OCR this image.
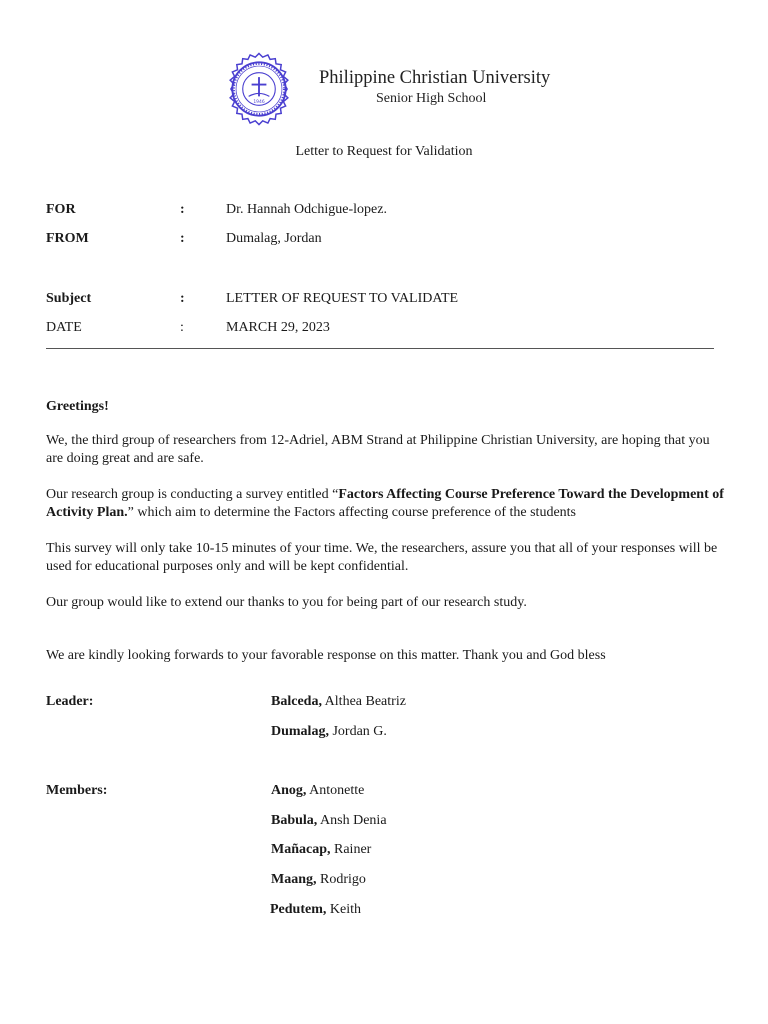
1946
Philippine Christian University
Senior High School
Letter to Request for Validation
FOR	:	Dr. Hannah Odchigue-lopez.
FROM	:	Dumalag, Jordan
Subject	:	LETTER OF REQUEST TO VALIDATE
DATE	:	MARCH 29, 2023
Greetings!
We, the third group of researchers from 12-Adriel, ABM Strand at Philippine Christian University, are hoping that you are doing great and are safe.
Our research group is conducting a survey entitled “Factors Affecting Course Preference Toward the Development of Activity Plan.” which aim to determine the Factors affecting course preference of the students
This survey will only take 10-15 minutes of your time. We, the researchers, assure you that all of your responses will be used for educational purposes only and will be kept confidential.
Our group would like to extend our thanks to you for being part of our research study.
We are kindly looking forwards to your favorable response on this matter. Thank you and God bless
Leader:	Balceda, Althea Beatriz
Dumalag, Jordan G.
Members:	Anog, Antonette
Babula, Ansh Denia
Mañacap, Rainer
Maang, Rodrigo
Pedutem, Keith
